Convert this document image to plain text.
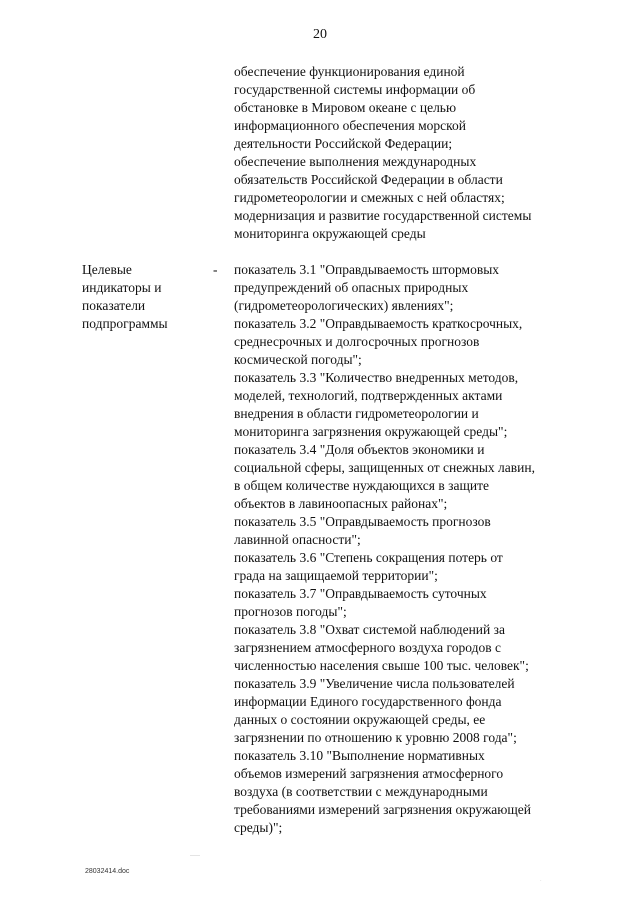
20
обеспечение функционирования единой
государственной системы информации об
обстановке в Мировом океане с целью
информационного обеспечения морской
деятельности Российской Федерации;
обеспечение выполнения международных
обязательств Российской Федерации в области
гидрометеорологии и смежных с ней областях;
модернизация и развитие государственной системы
мониторинга окружающей среды
Целевые
индикаторы и
показатели
подпрограммы
- показатель 3.1 "Оправдываемость штормовых
предупреждений об опасных природных
(гидрометеорологических) явлениях";
показатель 3.2 "Оправдываемость краткосрочных,
среднесрочных и долгосрочных прогнозов
космической погоды";
показатель 3.3 "Количество внедренных методов,
моделей, технологий, подтвержденных актами
внедрения в области гидрометеорологии и
мониторинга загрязнения окружающей среды";
показатель 3.4 "Доля объектов экономики и
социальной сферы, защищенных от снежных лавин,
в общем количестве нуждающихся в защите
объектов в лавиноопасных районах";
показатель 3.5 "Оправдываемость прогнозов
лавинной опасности";
показатель 3.6 "Степень сокращения потерь от
града на защищаемой территории";
показатель 3.7 "Оправдываемость суточных
прогнозов погоды";
показатель 3.8 "Охват системой наблюдений за
загрязнением атмосферного воздуха городов с
численностью населения свыше 100 тыс. человек";
показатель 3.9 "Увеличение числа пользователей
информации Единого государственного фонда
данных о состоянии окружающей среды, ее
загрязнении по отношению к уровню 2008 года";
показатель 3.10 "Выполнение нормативных
объемов измерений загрязнения атмосферного
воздуха (в соответствии с международными
требованиями измерений загрязнения окружающей
среды)";
——
28032414.doc
·
